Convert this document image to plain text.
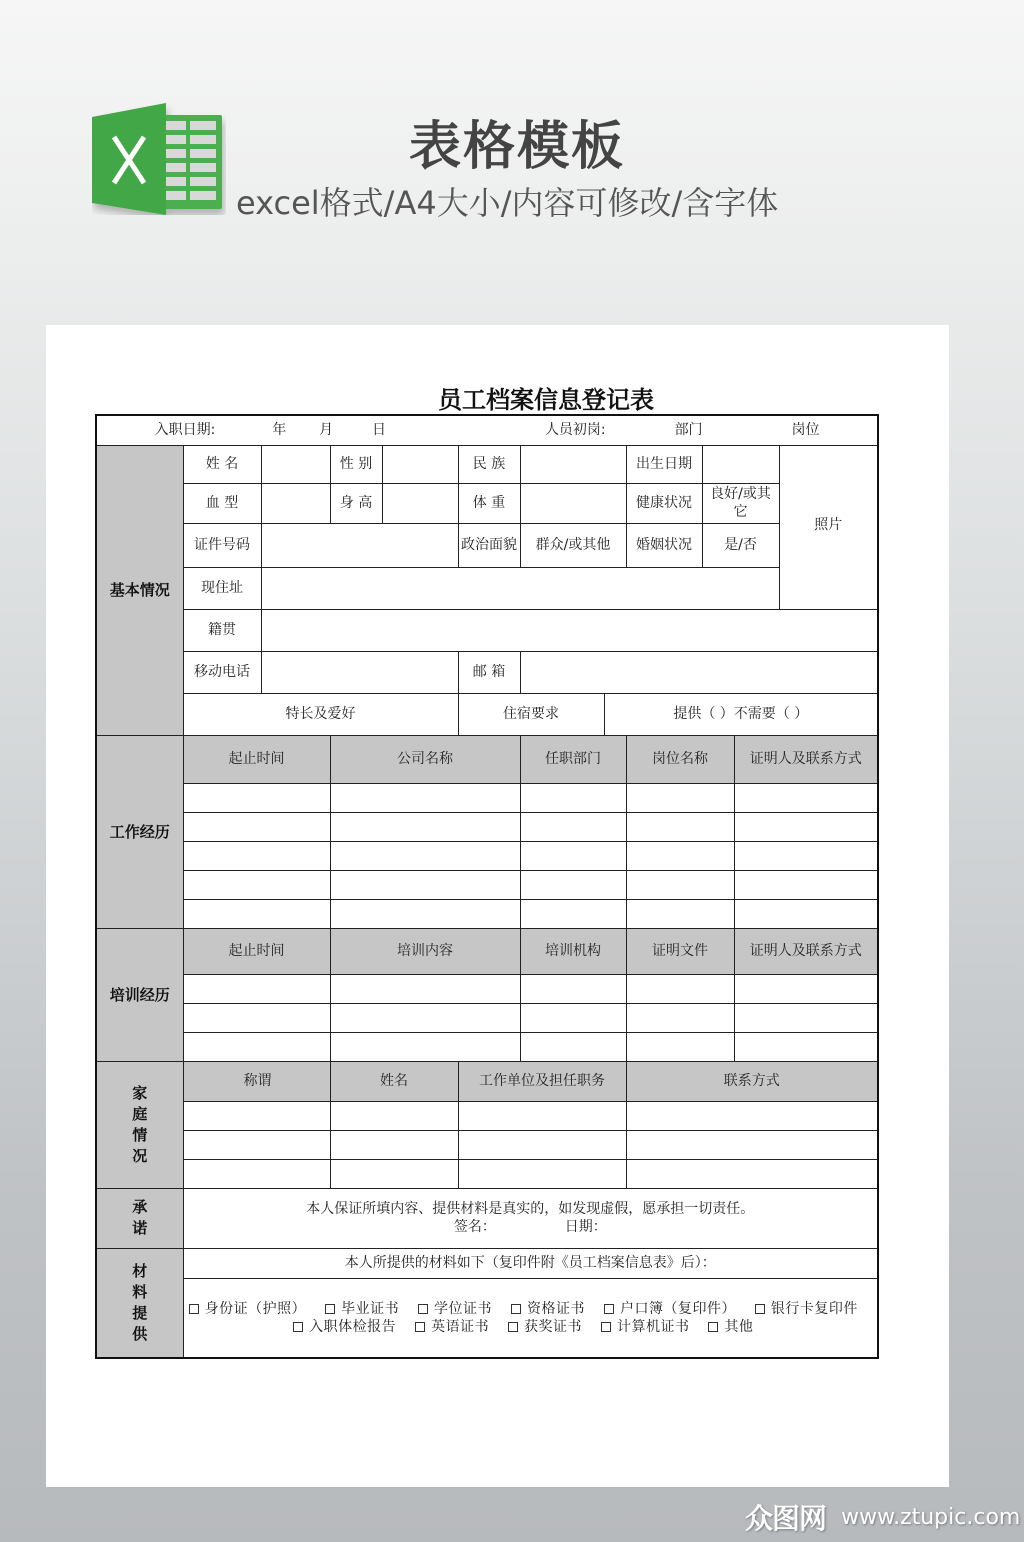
表格模板
excel格式/A4大小/内容可修改/含字体
员工档案信息登记表
入职日期: 年 月 日 人员初岗: 部门 岗位											
基本情况	姓 名		性 别		民 族			出生日期			照片
	血 型		身 高		体 重			健康状况	良好/或其它		
	证件号码				政治面貌	群众/或其他		婚姻状况	是/否		
	现住址										
	籍贯										
	移动电话				邮 箱						
	特长及爱好				住宿要求		提供（ ）不需要（ ）				
工作经历	起止时间		公司名称			任职部门		岗位名称		证明人及联系方式	

培训经历	起止时间		培训内容			培训机构		证明文件		证明人及联系方式	

家庭情况	称谓		姓名		工作单位及担任职务			联系方式			

承诺	本人保证所填内容、提供材料是真实的，如发现虚假，愿承担一切责任。
签名： 日期：										

材料提供	本人所提供的材料如下（复印件附《员工档案信息表》后）：										
	身份证（护照） 毕业证书 学位证书 资格证书 户口簿（复印件） 银行卡复印件 入职体检报告 英语证书 获奖证书 计算机证书 其他										
众图网 www.ztupic.com
